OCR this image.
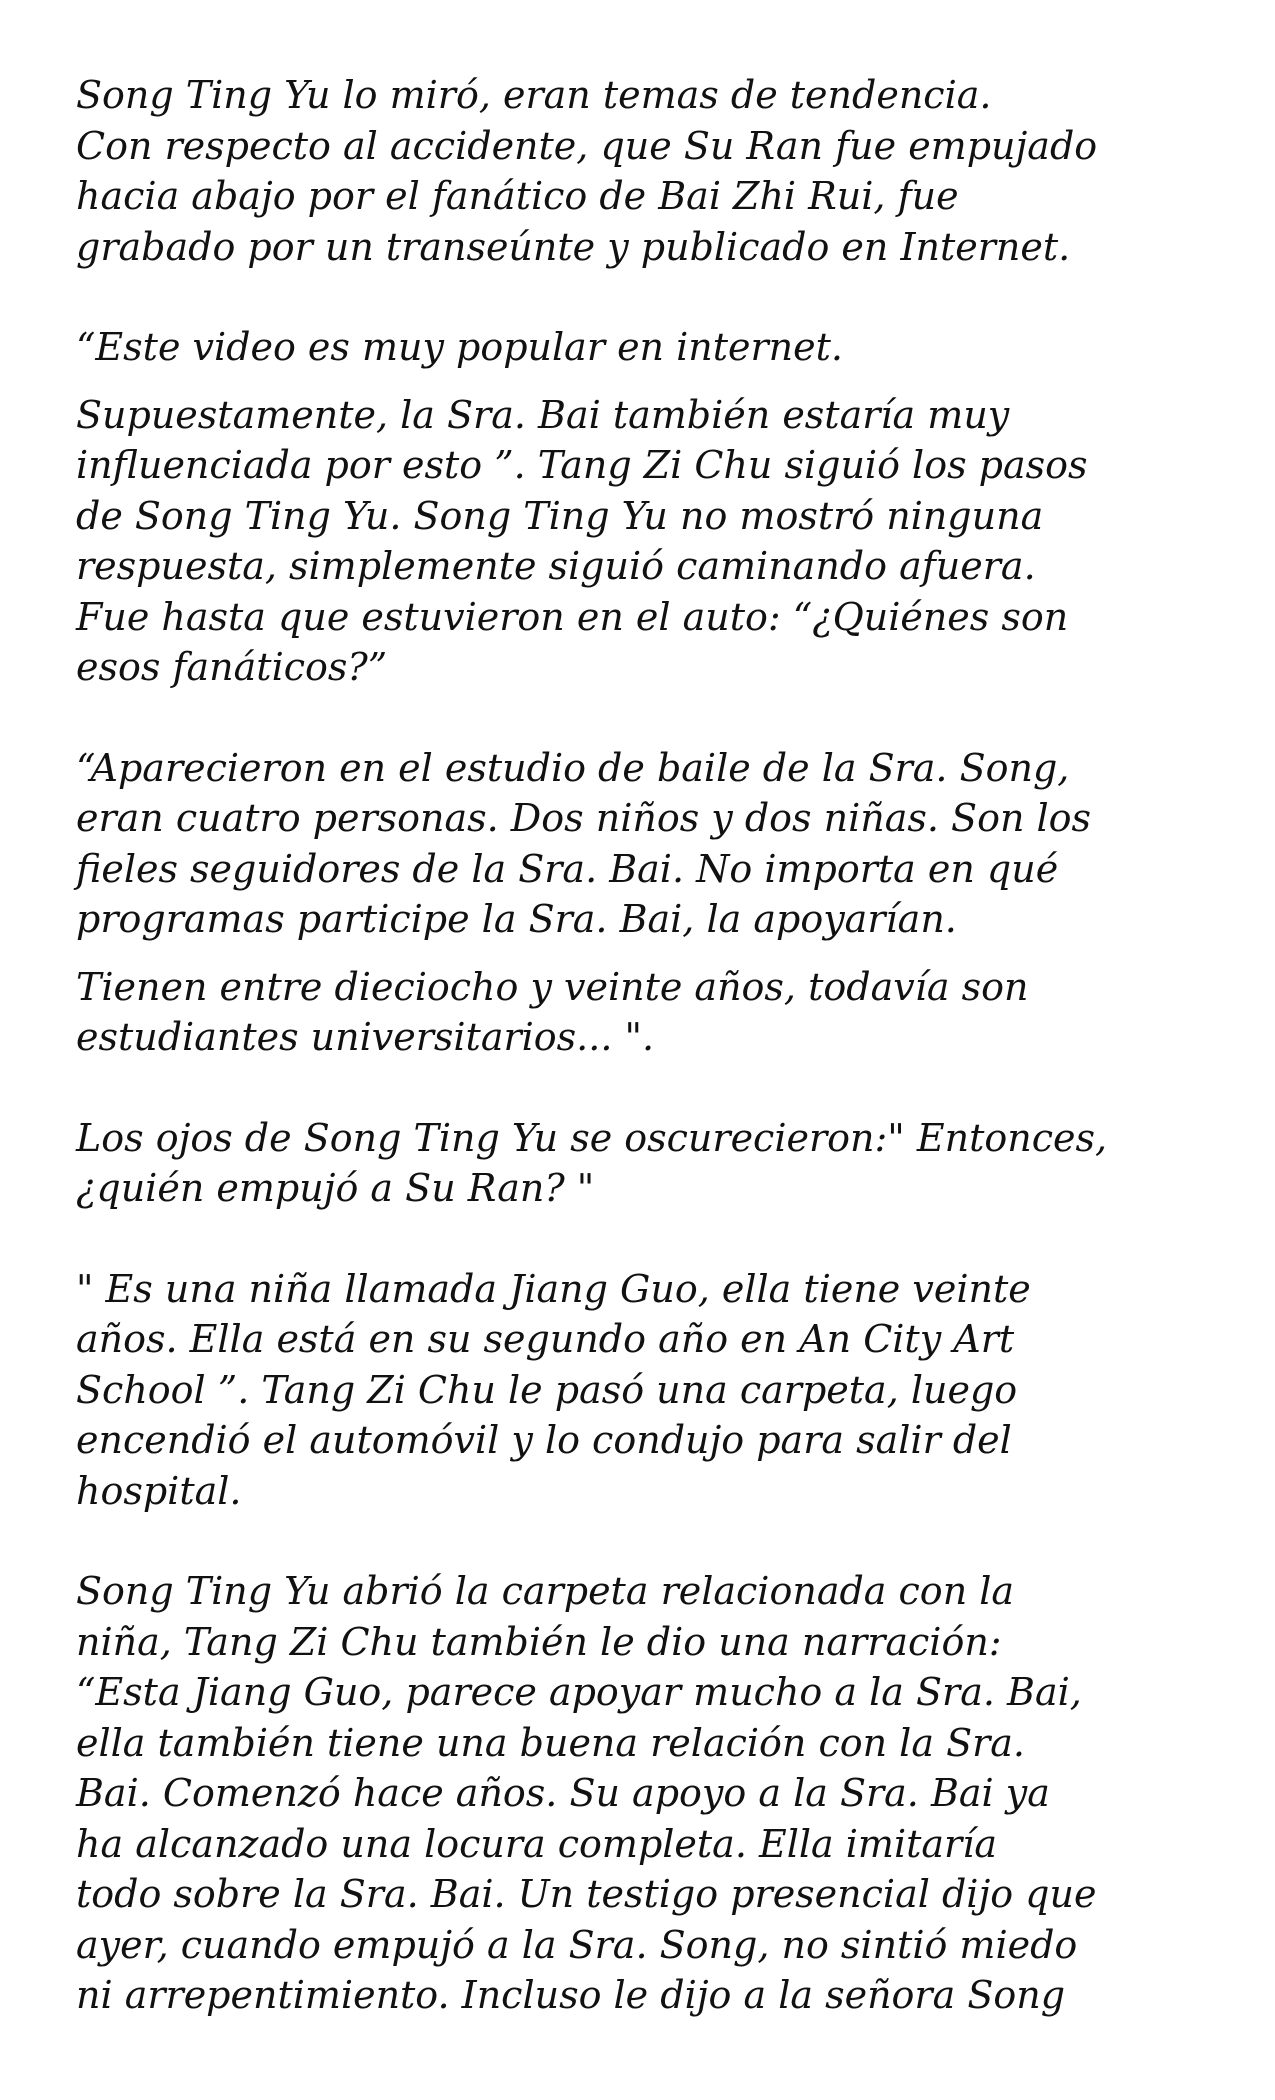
Song Ting Yu lo miró, eran temas de tendencia.
Con respecto al accidente, que Su Ran fue empujado
hacia abajo por el fanático de Bai Zhi Rui, fue
grabado por un transeúnte y publicado en Internet.
“Este video es muy popular en internet.
Supuestamente, la Sra. Bai también estaría muy
influenciada por esto ”. Tang Zi Chu siguió los pasos
de Song Ting Yu. Song Ting Yu no mostró ninguna
respuesta, simplemente siguió caminando afuera.
Fue hasta que estuvieron en el auto: “¿Quiénes son
esos fanáticos?”
“Aparecieron en el estudio de baile de la Sra. Song,
eran cuatro personas. Dos niños y dos niñas. Son los
fieles seguidores de la Sra. Bai. No importa en qué
programas participe la Sra. Bai, la apoyarían.
Tienen entre dieciocho y veinte años, todavía son
estudiantes universitarios... ".
Los ojos de Song Ting Yu se oscurecieron:" Entonces,
¿quién empujó a Su Ran? "
" Es una niña llamada Jiang Guo, ella tiene veinte
años. Ella está en su segundo año en An City Art
School ”. Tang Zi Chu le pasó una carpeta, luego
encendió el automóvil y lo condujo para salir del
hospital.
Song Ting Yu abrió la carpeta relacionada con la
niña, Tang Zi Chu también le dio una narración:
“Esta Jiang Guo, parece apoyar mucho a la Sra. Bai,
ella también tiene una buena relación con la Sra.
Bai. Comenzó hace años. Su apoyo a la Sra. Bai ya
ha alcanzado una locura completa. Ella imitaría
todo sobre la Sra. Bai. Un testigo presencial dijo que
ayer, cuando empujó a la Sra. Song, no sintió miedo
ni arrepentimiento. Incluso le dijo a la señora Song
